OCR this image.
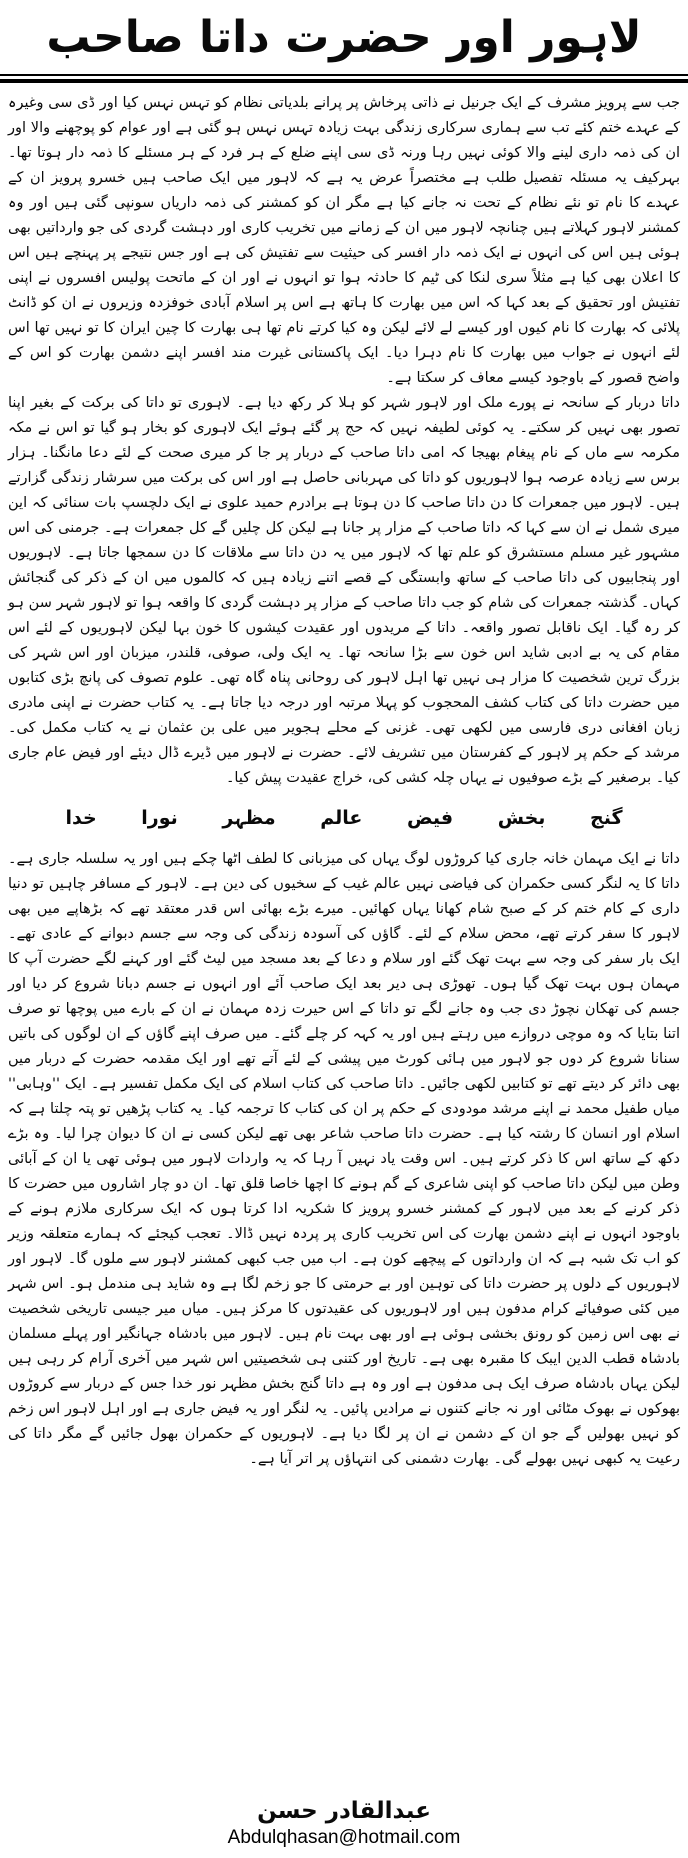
لاہور اور حضرت داتا صاحب

جب سے پرویز مشرف کے ایک جرنیل نے ذاتی پرخاش پر پرانے بلدیاتی نظام کو تہس نہس کیا اور ڈی سی وغیرہ کے عہدے ختم کئے تب سے ہماری سرکاری زندگی بہت زیادہ تہس نہس ہو گئی ہے اور عوام کو پوچھنے والا اور ان کی ذمہ داری لینے والا کوئی نہیں رہا ورنہ ڈی سی اپنے ضلع کے ہر فرد کے ہر مسئلے کا ذمہ دار ہوتا تھا۔ بہرکیف یہ مسئلہ تفصیل طلب ہے مختصراً عرض یہ ہے کہ لاہور میں ایک صاحب ہیں خسرو پرویز ان کے عہدے کا نام تو نئے نظام کے تحت نہ جانے کیا ہے مگر ان کو کمشنر کی ذمہ داریاں سونپی گئی ہیں اور وہ کمشنر لاہور کہلاتے ہیں چنانچہ لاہور میں ان کے زمانے میں تخریب کاری اور دہشت گردی کی جو وارداتیں بھی ہوئی ہیں اس کی انہوں نے ایک ذمہ دار افسر کی حیثیت سے تفتیش کی ہے اور جس نتیجے پر پہنچے ہیں اس کا اعلان بھی کیا ہے مثلاً سری لنکا کی ٹیم کا حادثہ ہوا تو انہوں نے اور ان کے ماتحت پولیس افسروں نے اپنی تفتیش اور تحقیق کے بعد کہا کہ اس میں بھارت کا ہاتھ ہے اس پر اسلام آبادی خوفزدہ وزیروں نے ان کو ڈانٹ پلائی کہ بھارت کا نام کیوں اور کیسے لے لائے لیکن وہ کیا کرتے نام تھا ہی بھارت کا چین ایران کا تو نہیں تھا اس لئے انہوں نے جواب میں بھارت کا نام دہرا دیا۔ ایک پاکستانی غیرت مند افسر اپنے دشمن بھارت کو اس کے واضح قصور کے باوجود کیسے معاف کر سکتا ہے۔

داتا دربار کے سانحہ نے پورے ملک اور لاہور شہر کو ہلا کر رکھ دیا ہے۔ لاہوری تو داتا کی برکت کے بغیر اپنا تصور بھی نہیں کر سکتے۔ یہ کوئی لطیفہ نہیں کہ حج پر گئے ہوئے ایک لاہوری کو بخار ہو گیا تو اس نے مکہ مکرمہ سے ماں کے نام پیغام بھیجا کہ امی داتا صاحب کے دربار پر جا کر میری صحت کے لئے دعا مانگنا۔ ہزار برس سے زیادہ عرصہ ہوا لاہوریوں کو داتا کی مہربانی حاصل ہے اور اس کی برکت میں سرشار زندگی گزارتے ہیں۔ لاہور میں جمعرات کا دن داتا صاحب کا دن ہوتا ہے برادرم حمید علوی نے ایک دلچسپ بات سنائی کہ این میری شمل نے ان سے کہا کہ داتا صاحب کے مزار پر جانا ہے لیکن کل چلیں گے کل جمعرات ہے۔ جرمنی کی اس مشہور غیر مسلم مستشرق کو علم تھا کہ لاہور میں یہ دن داتا سے ملاقات کا دن سمجھا جاتا ہے۔ لاہوریوں اور پنجابیوں کی داتا صاحب کے ساتھ وابستگی کے قصے اتنے زیادہ ہیں کہ کالموں میں ان کے ذکر کی گنجائش کہاں۔ گذشتہ جمعرات کی شام کو جب داتا صاحب کے مزار پر دہشت گردی کا واقعہ ہوا تو لاہور شہر سن ہو کر رہ گیا۔ ایک ناقابل تصور واقعہ۔ داتا کے مریدوں اور عقیدت کیشوں کا خون بہا لیکن لاہوریوں کے لئے اس مقام کی یہ بے ادبی شاید اس خون سے بڑا سانحہ تھا۔ یہ ایک ولی، صوفی، قلندر، میزبان اور اس شہر کی بزرگ ترین شخصیت کا مزار ہی نہیں تھا اہل لاہور کی روحانی پناہ گاہ تھی۔ علوم تصوف کی پانچ بڑی کتابوں میں حضرت داتا کی کتاب کشف المحجوب کو پہلا مرتبہ اور درجہ دیا جاتا ہے۔ یہ کتاب حضرت نے اپنی مادری زبان افغانی دری فارسی میں لکھی تھی۔ غزنی کے محلے ہجویر میں علی بن عثمان نے یہ کتاب مکمل کی۔ مرشد کے حکم پر لاہور کے کفرستان میں تشریف لائے۔ حضرت نے لاہور میں ڈیرے ڈال دیئے اور فیض عام جاری کیا۔ برصغیر کے بڑے صوفیوں نے یہاں چلہ کشی کی، خراج عقیدت پیش کیا۔

گنج بخش فیض عالم مظہر نورا خدا

داتا نے ایک مہمان خانہ جاری کیا کروڑوں لوگ یہاں کی میزبانی کا لطف اٹھا چکے ہیں اور یہ سلسلہ جاری ہے۔ داتا کا یہ لنگر کسی حکمران کی فیاضی نہیں عالم غیب کے سخیوں کی دین ہے۔ لاہور کے مسافر چاہیں تو دنیا داری کے کام ختم کر کے صبح شام کھانا یہاں کھائیں۔ میرے بڑے بھائی اس قدر معتقد تھے کہ بڑھاپے میں بھی لاہور کا سفر کرتے تھے، محض سلام کے لئے۔ گاؤں کی آسودہ زندگی کی وجہ سے جسم دبوانے کے عادی تھے۔ ایک بار سفر کی وجہ سے بہت تھک گئے اور سلام و دعا کے بعد مسجد میں لیٹ گئے اور کہنے لگے حضرت آپ کا مہمان ہوں بہت تھک گیا ہوں۔ تھوڑی ہی دیر بعد ایک صاحب آئے اور انہوں نے جسم دبانا شروع کر دیا اور جسم کی تھکان نچوڑ دی جب وہ جانے لگے تو داتا کے اس حیرت زدہ مہمان نے ان کے بارے میں پوچھا تو صرف اتنا بتایا کہ وہ موچی دروازے میں رہتے ہیں اور یہ کہہ کر چلے گئے۔ میں صرف اپنے گاؤں کے ان لوگوں کی باتیں سنانا شروع کر دوں جو لاہور میں ہائی کورٹ میں پیشی کے لئے آتے تھے اور ایک مقدمہ حضرت کے دربار میں بھی دائر کر دیتے تھے تو کتابیں لکھی جائیں۔ داتا صاحب کی کتاب اسلام کی ایک مکمل تفسیر ہے۔ ایک ''وہابی'' میاں طفیل محمد نے اپنے مرشد مودودی کے حکم پر ان کی کتاب کا ترجمہ کیا۔ یہ کتاب پڑھیں تو پتہ چلتا ہے کہ اسلام اور انسان کا رشتہ کیا ہے۔ حضرت داتا صاحب شاعر بھی تھے لیکن کسی نے ان کا دیوان چرا لیا۔ وہ بڑے دکھ کے ساتھ اس کا ذکر کرتے ہیں۔ اس وقت یاد نہیں آ رہا کہ یہ واردات لاہور میں ہوئی تھی یا ان کے آبائی وطن میں لیکن داتا صاحب کو اپنی شاعری کے گم ہونے کا اچھا خاصا قلق تھا۔ ان دو چار اشاروں میں حضرت کا ذکر کرنے کے بعد میں لاہور کے کمشنر خسرو پرویز کا شکریہ ادا کرتا ہوں کہ ایک سرکاری ملازم ہونے کے باوجود انہوں نے اپنے دشمن بھارت کی اس تخریب کاری پر پردہ نہیں ڈالا۔ تعجب کیجئے کہ ہمارے متعلقہ وزیر کو اب تک شبہ ہے کہ ان وارداتوں کے پیچھے کون ہے۔ اب میں جب کبھی کمشنر لاہور سے ملوں گا۔ لاہور اور لاہوریوں کے دلوں پر حضرت داتا کی توہین اور بے حرمتی کا جو زخم لگا ہے وہ شاید ہی مندمل ہو۔ اس شہر میں کئی صوفیائے کرام مدفون ہیں اور لاہوریوں کی عقیدتوں کا مرکز ہیں۔ میاں میر جیسی تاریخی شخصیت نے بھی اس زمین کو رونق بخشی ہوئی ہے اور بھی بہت نام ہیں۔ لاہور میں بادشاہ جہانگیر اور پہلے مسلمان بادشاہ قطب الدین ایبک کا مقبرہ بھی ہے۔ تاریخ اور کتنی ہی شخصیتیں اس شہر میں آخری آرام کر رہی ہیں لیکن یہاں بادشاہ صرف ایک ہی مدفون ہے اور وہ ہے داتا گنج بخش مظہر نور خدا جس کے دربار سے کروڑوں بھوکوں نے بھوک مٹائی اور نہ جانے کتنوں نے مرادیں پائیں۔ یہ لنگر اور یہ فیض جاری ہے اور اہل لاہور اس زخم کو نہیں بھولیں گے جو ان کے دشمن نے ان پر لگا دیا ہے۔ لاہوریوں کے حکمران بھول جائیں گے مگر داتا کی رعیت یہ کبھی نہیں بھولے گی۔ بھارت دشمنی کی انتہاؤں پر اتر آیا ہے۔

عبدالقادر حسن
Abdulqhasan@hotmail.com
